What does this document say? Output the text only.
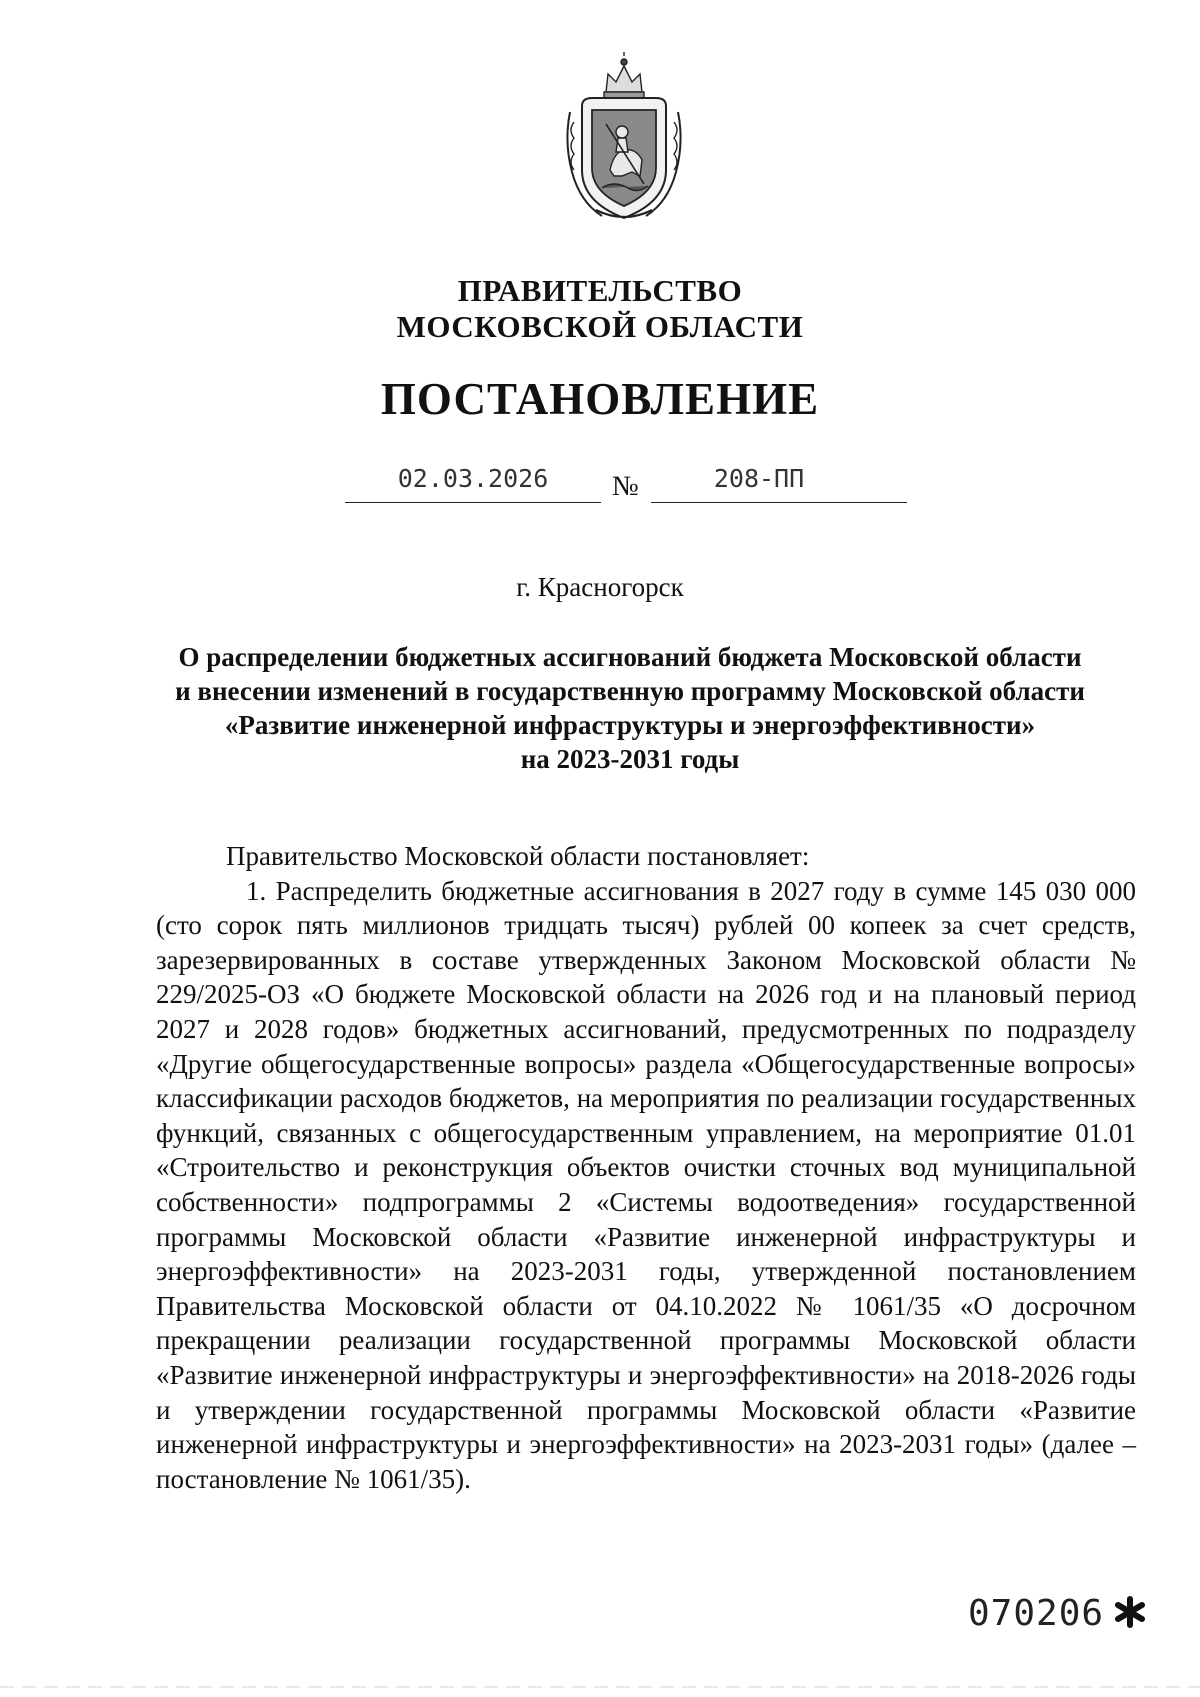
ПРАВИТЕЛЬСТВО
МОСКОВСКОЙ ОБЛАСТИ
ПОСТАНОВЛЕНИЕ
02.03.2026	№	208-ПП
г. Красногорск
О распределении бюджетных ассигнований бюджета Московской области
и внесении изменений в государственную программу Московской области
«Развитие инженерной инфраструктуры и энергоэффективности»
на 2023-2031 годы
Правительство Московской области постановляет:
1. Распределить бюджетные ассигнования в 2027 году в сумме 145 030 000 (сто сорок пять миллионов тридцать тысяч) рублей 00 копеек за счет средств, зарезервированных в составе утвержденных Законом Московской области № 229/2025-ОЗ «О бюджете Московской области на 2026 год и на плановый период 2027 и 2028 годов» бюджетных ассигнований, предусмотренных по подразделу «Другие общегосударственные вопросы» раздела «Общегосударственные вопросы» классификации расходов бюджетов, на мероприятия по реализации государственных функций, связанных с общегосударственным управлением, на мероприятие 01.01 «Строительство и реконструкция объектов очистки сточных вод муниципальной собственности» подпрограммы 2 «Системы водоотведения» государственной программы Московской области «Развитие инженерной инфраструктуры и энергоэффективности» на 2023-2031 годы, утвержденной постановлением Правительства Московской области от 04.10.2022 № 1061/35 «О досрочном прекращении реализации государственной программы Московской области «Развитие инженерной инфраструктуры и энергоэффективности» на 2018-2026 годы и утверждении государственной программы Московской области «Развитие инженерной инфраструктуры и энергоэффективности» на 2023-2031 годы» (далее – постановление № 1061/35).
070206
